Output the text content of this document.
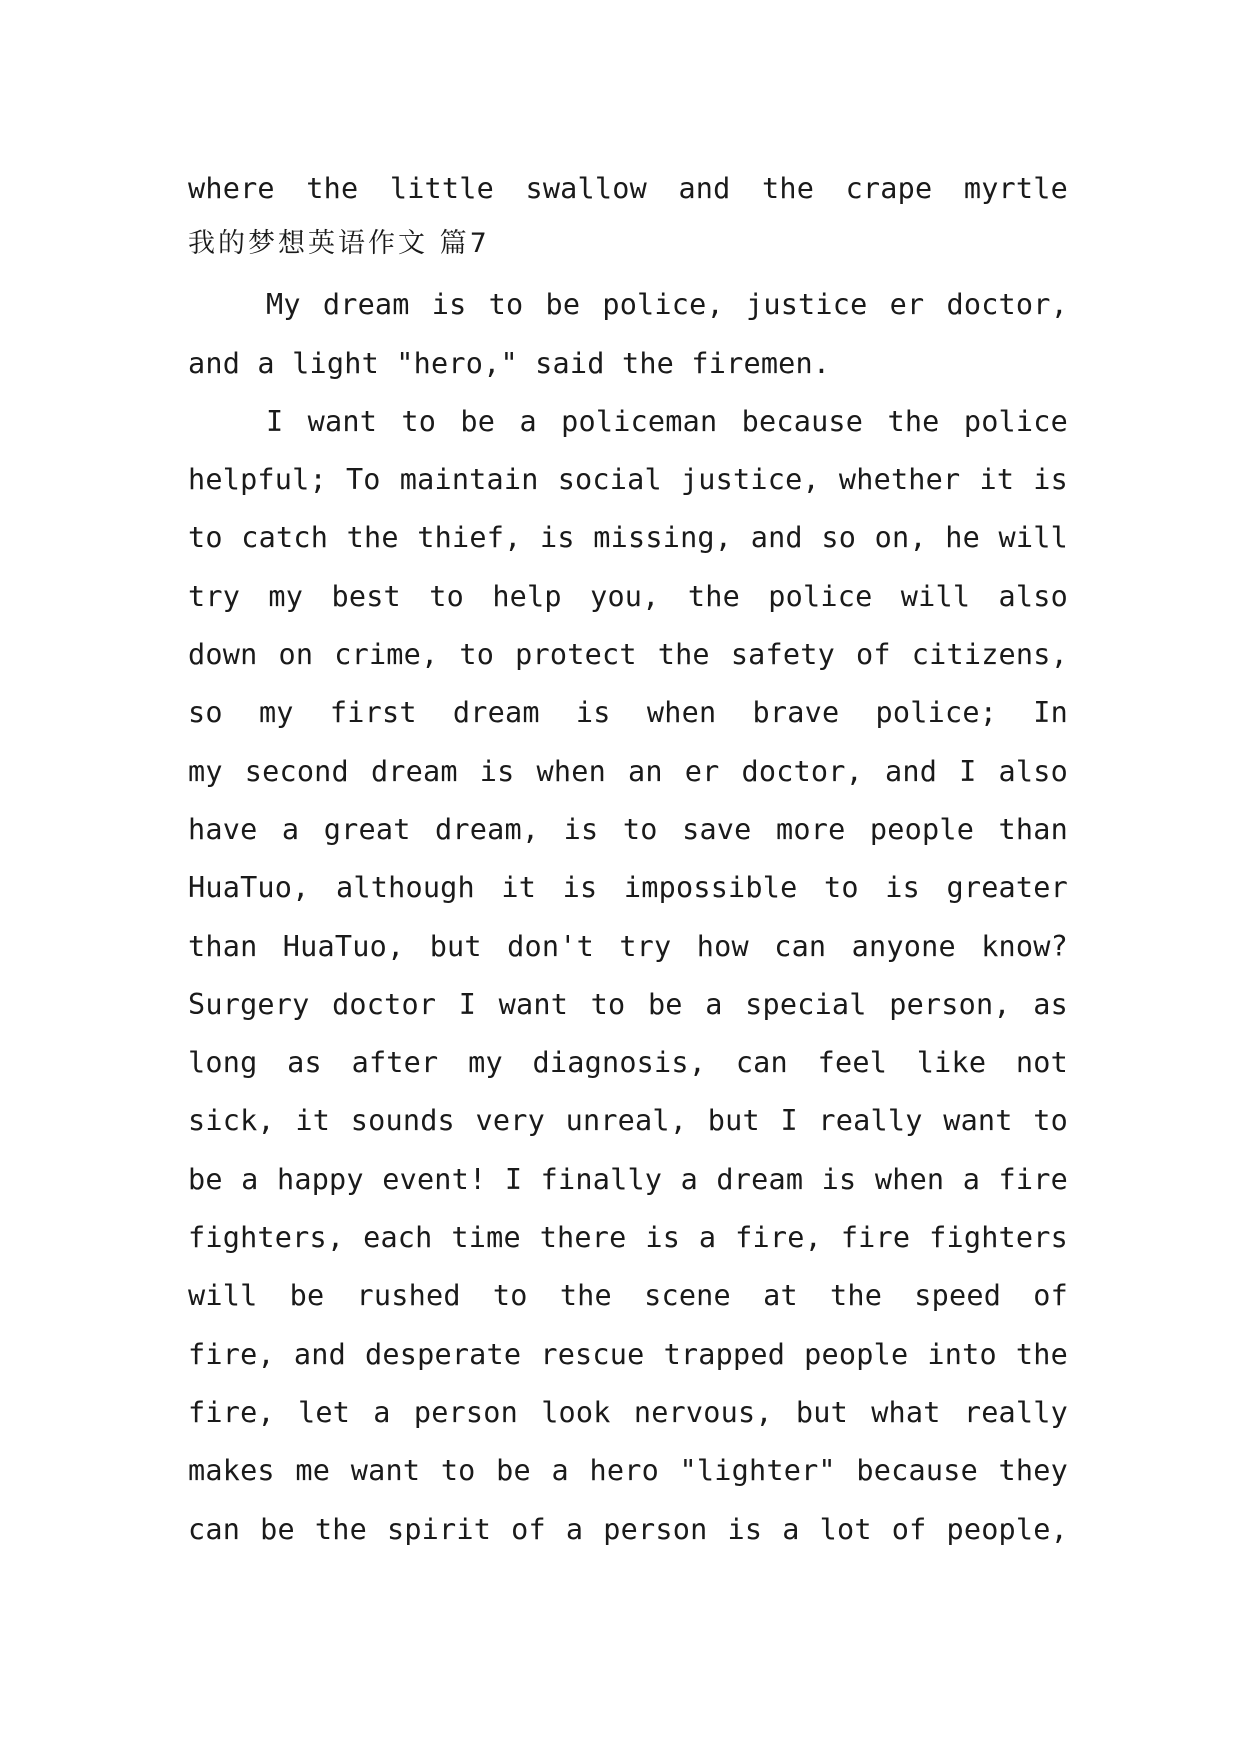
where the little swallow and the crape myrtle
我的梦想英语作文 篇7
My dream is to be police, justice er doctor,
and a light "hero," said the firemen.
I want to be a policeman because the police
helpful; To maintain social justice, whether it is
to catch the thief, is missing, and so on, he will
try my best to help you, the police will also
down on crime, to protect the safety of citizens,
so my first dream is when brave police; In
my second dream is when an er doctor, and I also
have a great dream, is to save more people than
HuaTuo, although it is impossible to is greater
than HuaTuo, but don't try how can anyone know?
Surgery doctor I want to be a special person, as
long as after my diagnosis, can feel like not
sick, it sounds very unreal, but I really want to
be a happy event! I finally a dream is when a fire
fighters, each time there is a fire, fire fighters
will be rushed to the scene at the speed of
fire, and desperate rescue trapped people into the
fire, let a person look nervous, but what really
makes me want to be a hero "lighter" because they
can be the spirit of a person is a lot of people,
